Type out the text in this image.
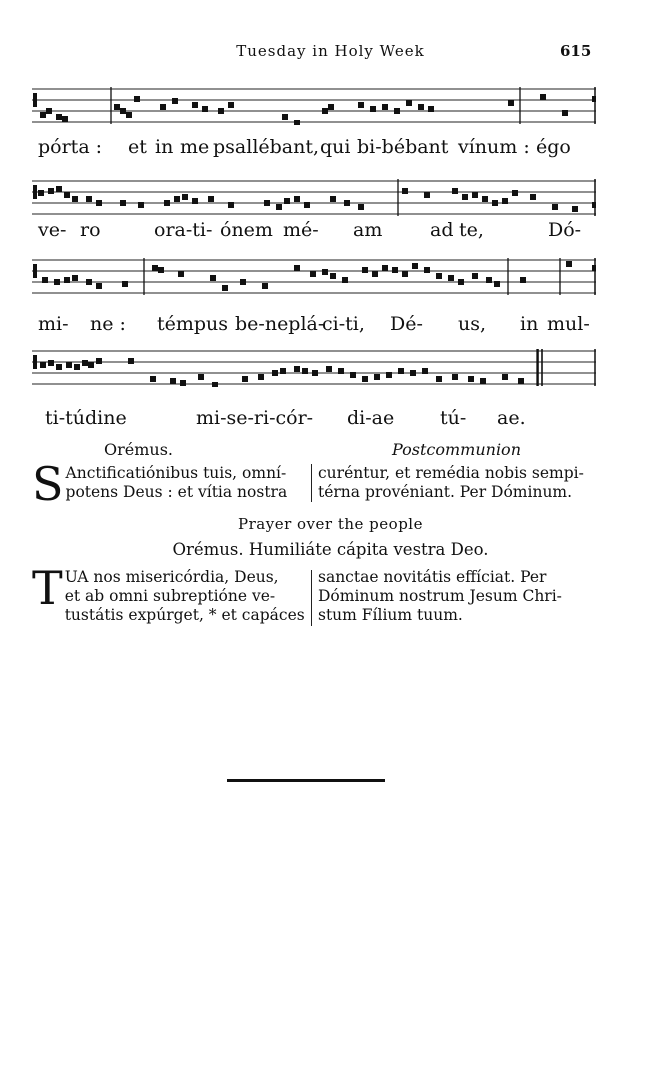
Tuesday in Holy Week	615
pórta : et in me psallébant, qui bi-bébant vínum : égo
ve- ro	ora-ti- ónem mé- am	ad te,	Dó-
mi- ne : témpus be-neplá-
ci-ti, Dé- us, in mul-
ti-túdine	mi-se-ri-cór- di-ae tú- ae.
Orémus.	Postcommunion
S Anctificatiónibus tuis, omní-
potens Deus : et vítia nostra
curéntur, et remédia nobis sempi-
térna provéniant. Per Dóminum.
Prayer over the people
Orémus. Humiliáte cápita vestra Deo.
T UA nos misericórdia, Deus,
et ab omni subreptióne ve-
tustátis expúrget, * et capáces
sanctae novitátis effíciat. Per
Dóminum nostrum Jesum Chri-
stum Fílium tuum.
